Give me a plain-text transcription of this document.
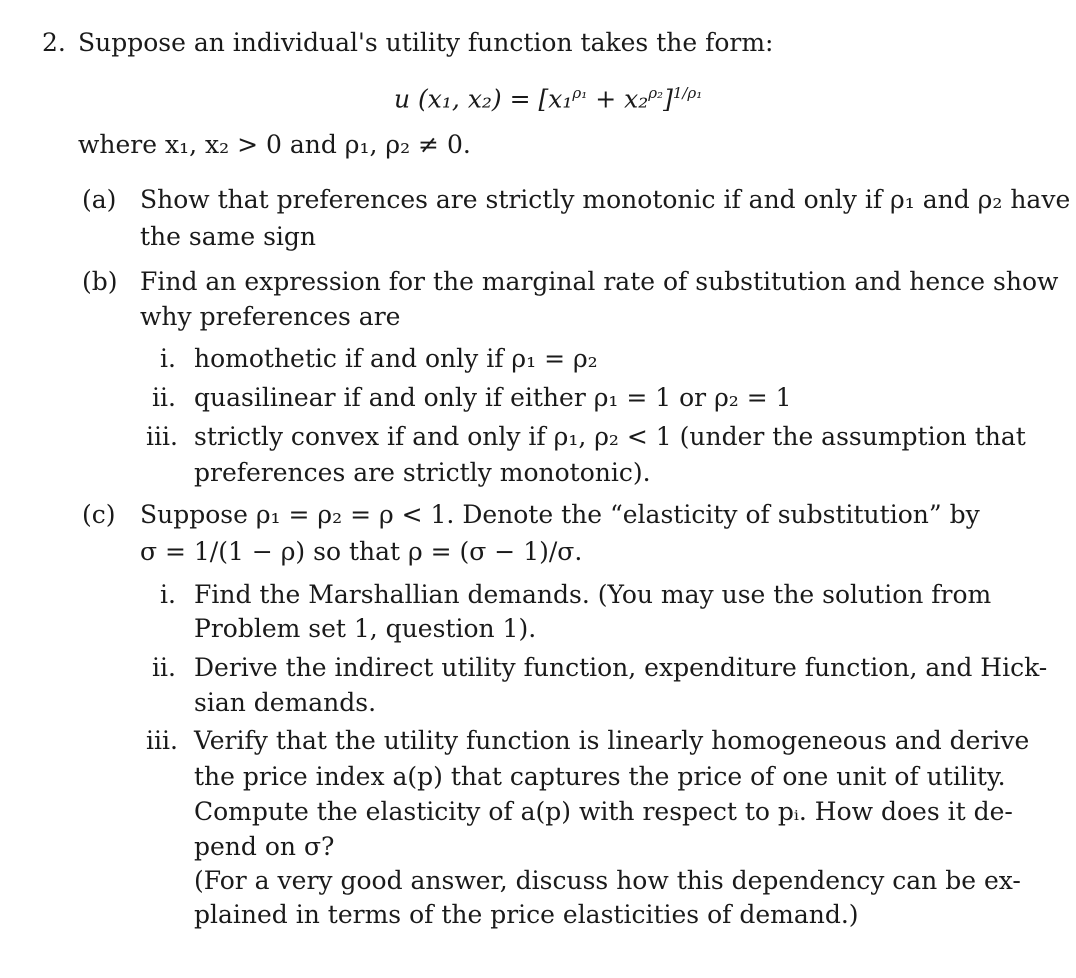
2. Suppose an individual's utility function takes the form:
u (x₁, $x_2) = [x_1^{\rho_1} + x_2^{\rho_2}]^{1/\rho_1}$
where x₁, x₂ > 0 and ρ₁, ρ₂ ≠ 0.
(a) Show that preferences are strictly monotonic if and only if ρ₁ and ρ₂ have
the same sign
(b) Find an expression for the marginal rate of substitution and hence show
why preferences are
i. homothetic if and only if ρ₁ = ρ₂
ii. quasilinear if and only if either ρ₁ = 1 or ρ₂ = 1
iii. strictly convex if and only if ρ₁, ρ₂ < 1 (under the assumption that
preferences are strictly monotonic).
(c) Suppose ρ₁ = ρ₂ = ρ < 1. Denote the “elasticity of substitution” by
σ = 1/(1 − ρ) so that ρ = (σ − 1)/σ.
i. Find the Marshallian demands. (You may use the solution from
Problem set 1, question 1).
ii. Derive the indirect utility function, expenditure function, and Hick-
sian demands.
iii. Verify that the utility function is linearly homogeneous and derive
the price index a(p) that captures the price of one unit of utility.
Compute the elasticity of a(p) with respect to pᵢ. How does it de-
pend on σ?
(For a very good answer, discuss how this dependency can be ex-
plained in terms of the price elasticities of demand.)
